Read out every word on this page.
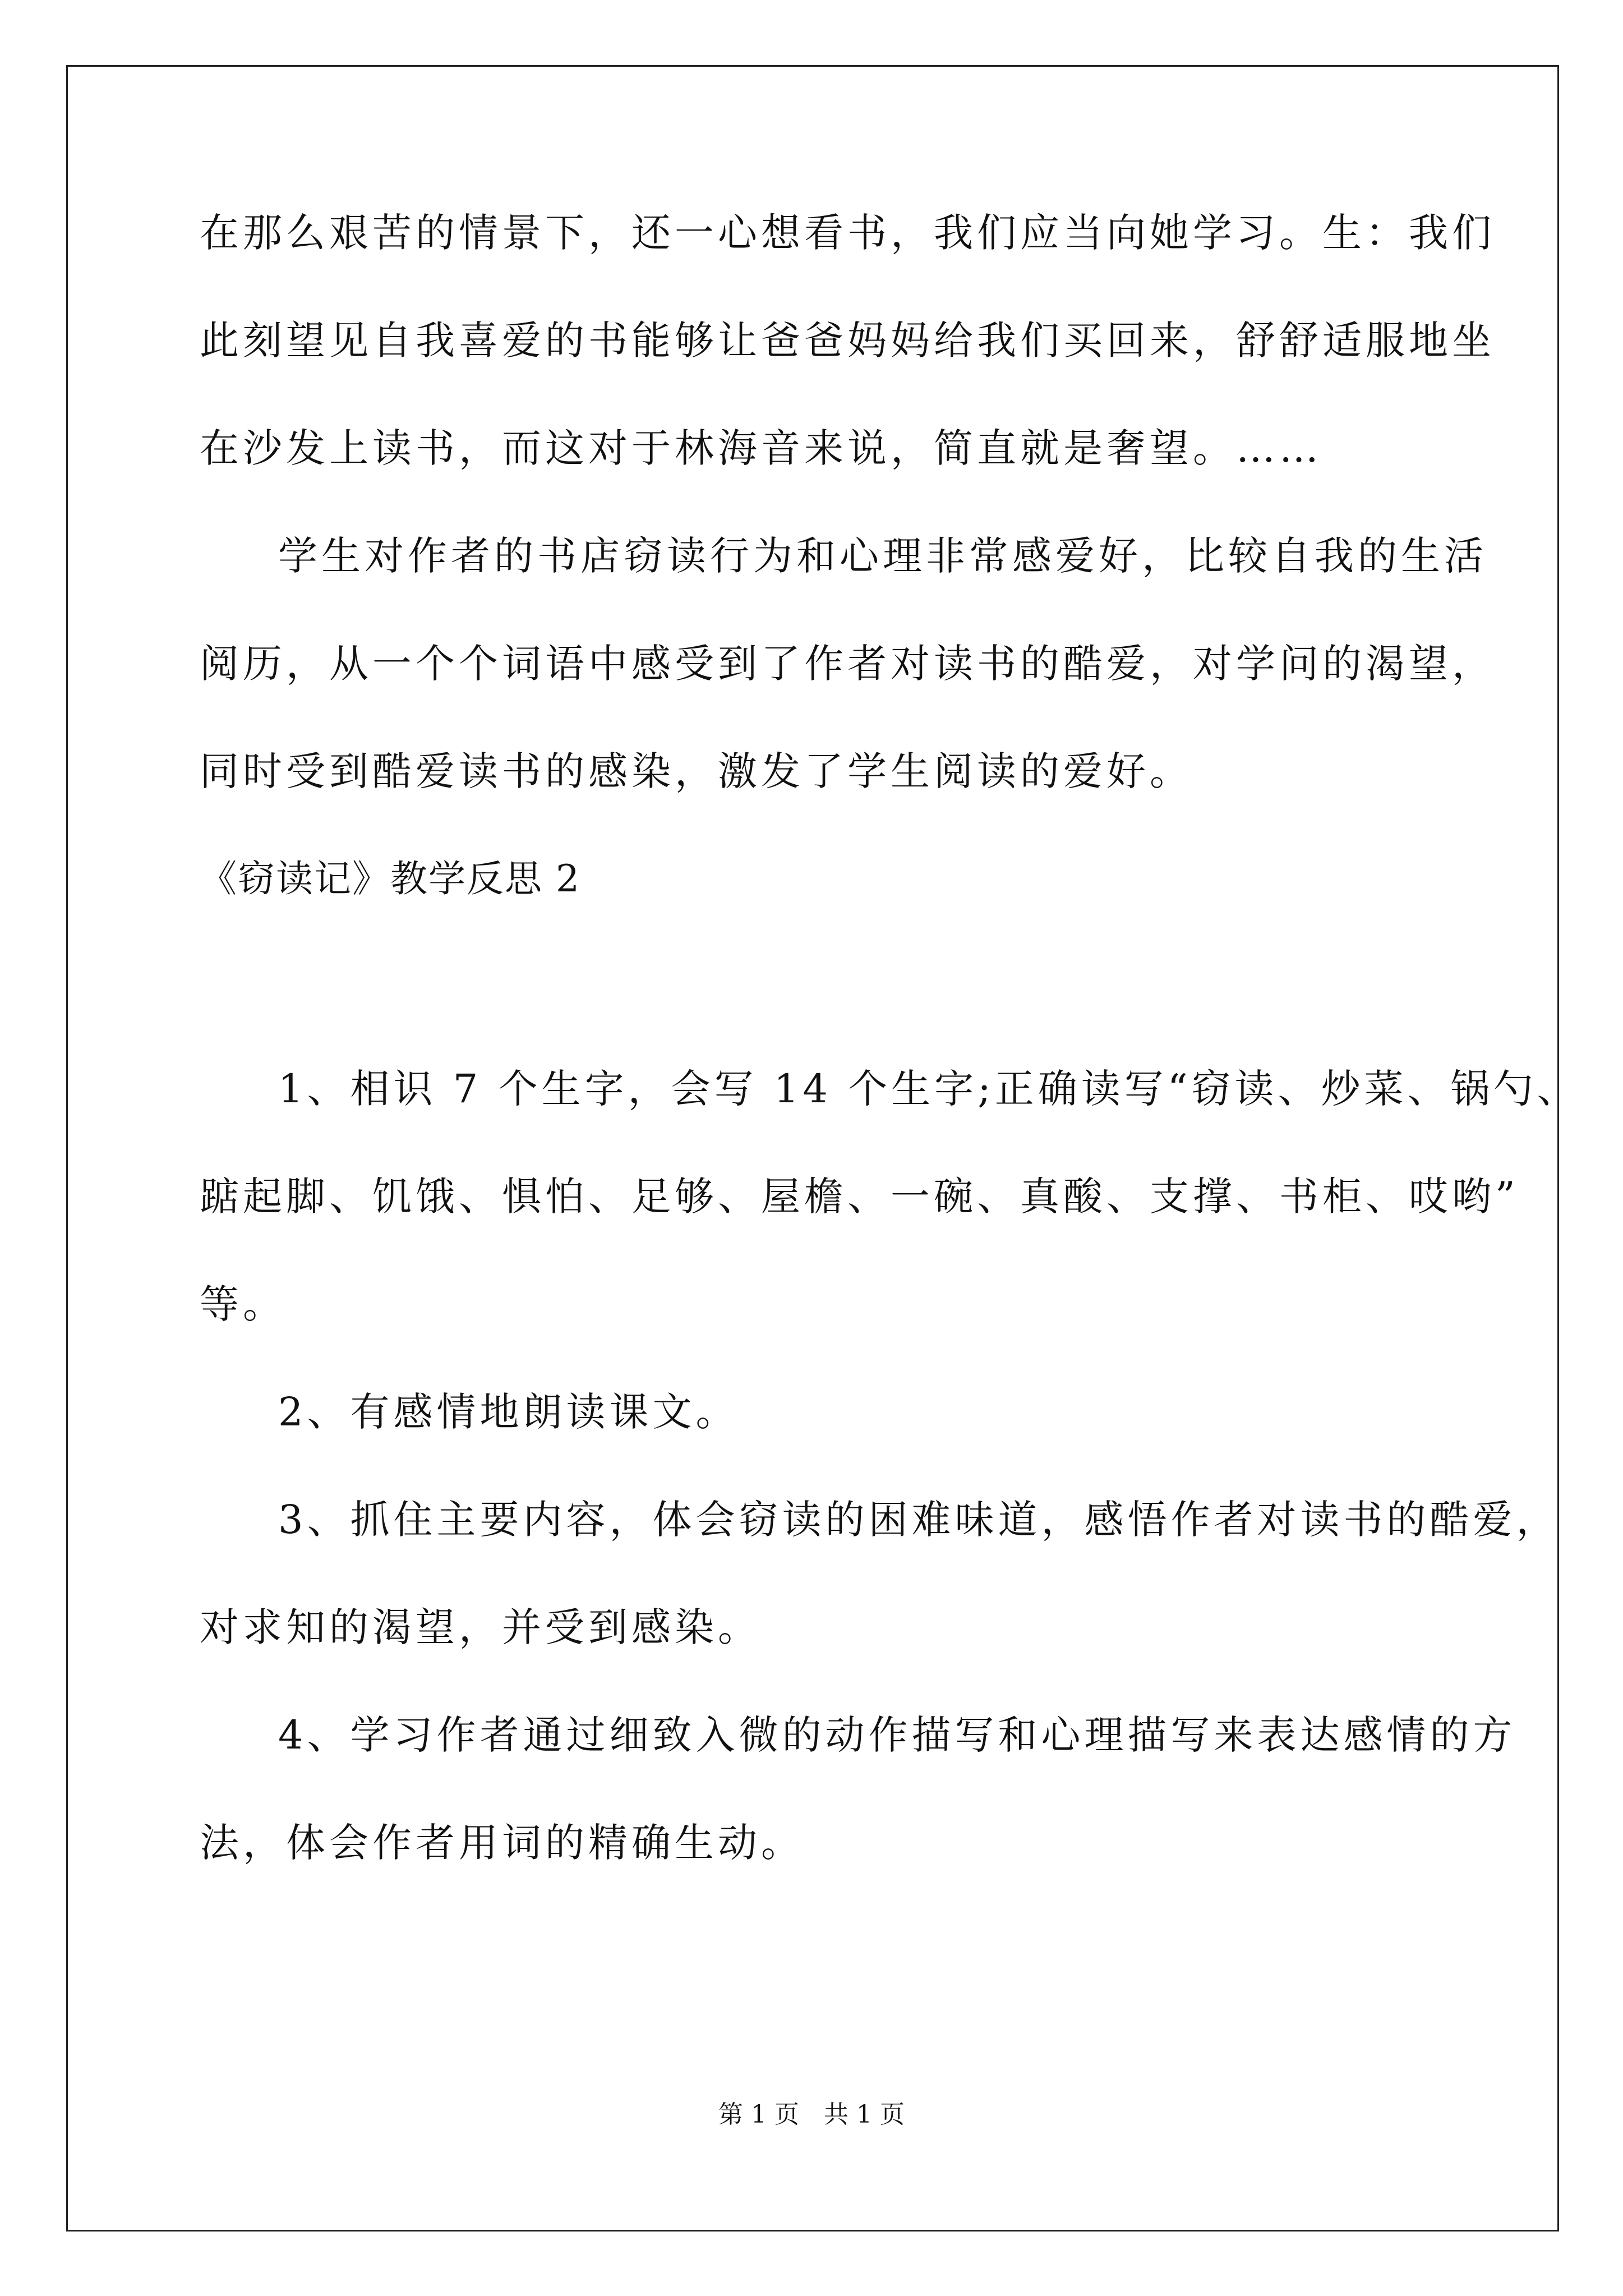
在那么艰苦的情景下，还一心想看书，我们应当向她学习。生：我们
此刻望见自我喜爱的书能够让爸爸妈妈给我们买回来，舒舒适服地坐
在沙发上读书，而这对于林海音来说，简直就是奢望。……
学生对作者的书店窃读行为和心理非常感爱好，比较自我的生活
阅历，从一个个词语中感受到了作者对读书的酷爱，对学问的渴望，
同时受到酷爱读书的感染，激发了学生阅读的爱好。
《窃读记》教学反思 2
1、相识 7 个生字，会写 14 个生字;正确读写“窃读、炒菜、锅勺、
踮起脚、饥饿、惧怕、足够、屋檐、一碗、真酸、支撑、书柜、哎哟”
等。
2、有感情地朗读课文。
3、抓住主要内容，体会窃读的困难味道，感悟作者对读书的酷爱，
对求知的渴望，并受到感染。
4、学习作者通过细致入微的动作描写和心理描写来表达感情的方
法，体会作者用词的精确生动。
第 1 页　共 1 页
